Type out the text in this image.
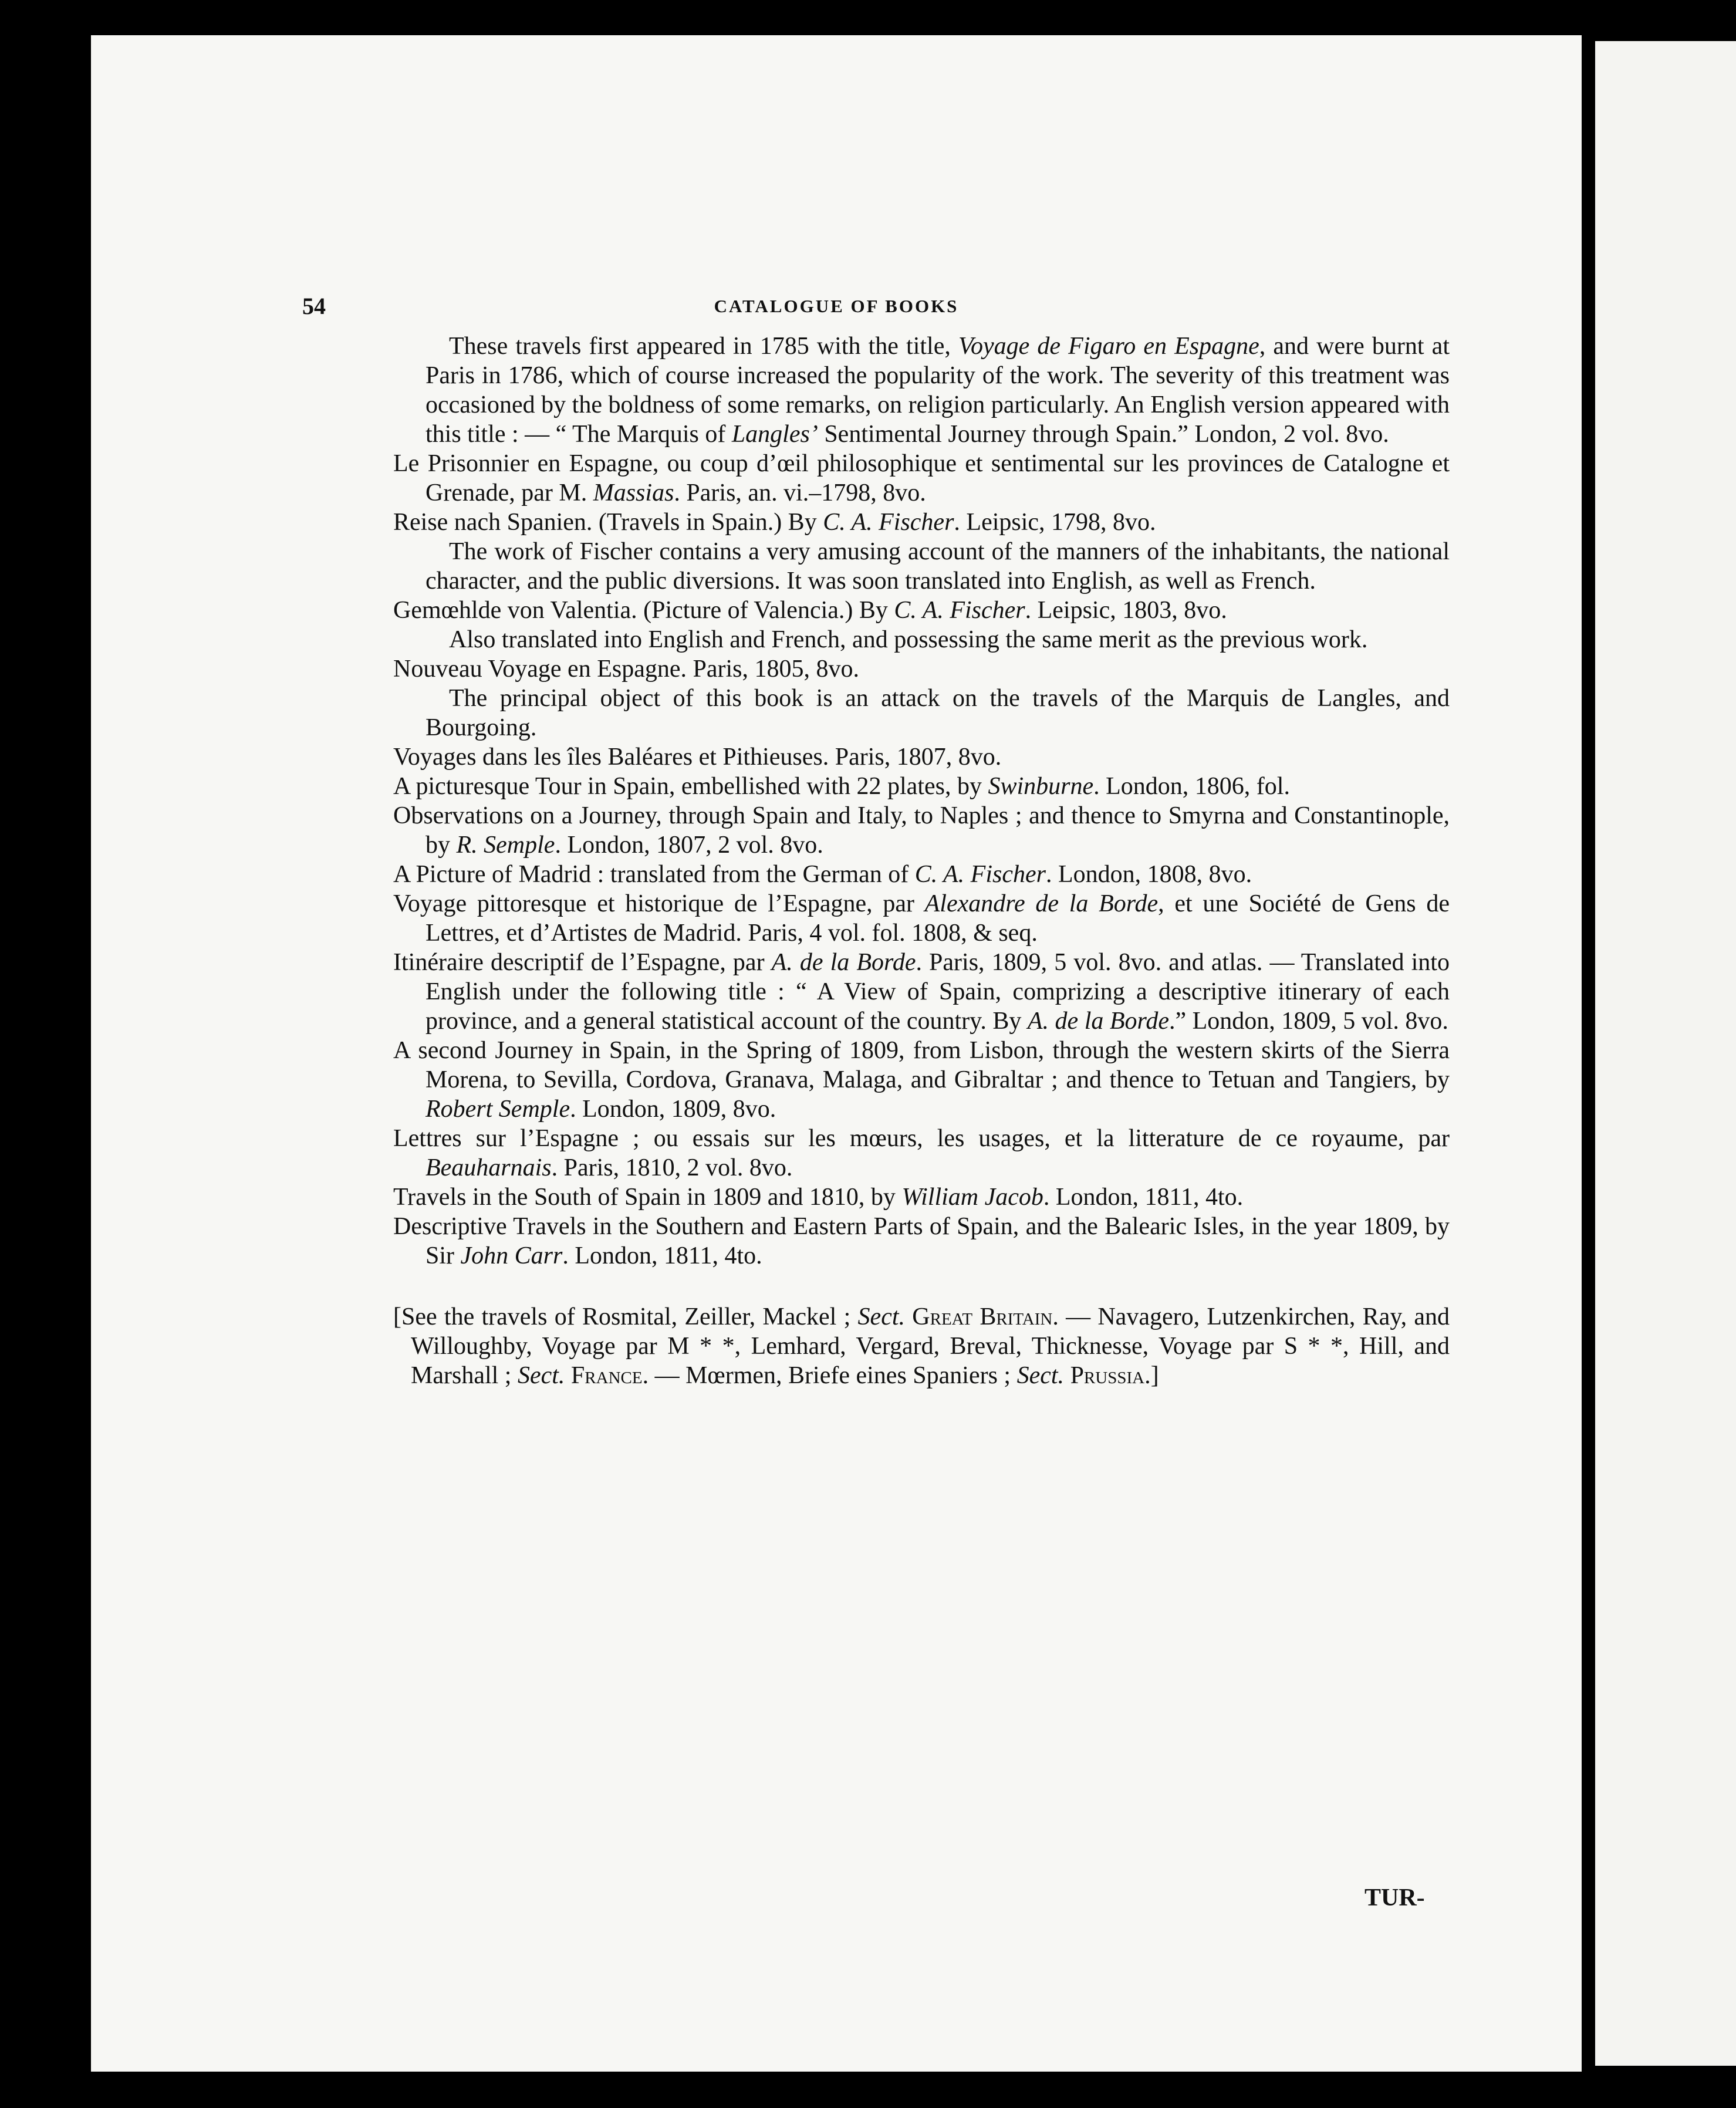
54	CATALOGUE OF BOOKS
These travels first appeared in 1785 with the title, Voyage de Figaro en Espagne, and were burnt at Paris in 1786, which of course increased the popularity of the work. The severity of this treatment was occasioned by the boldness of some remarks, on religion particularly. An English version appeared with this title : — “ The Marquis of Langles’ Sentimental Journey through Spain.” London, 2 vol. 8vo.
Le Prisonnier en Espagne, ou coup d’œil philosophique et sentimental sur les provinces de Catalogne et Grenade, par M. Massias. Paris, an. vi.–1798, 8vo.
Reise nach Spanien. (Travels in Spain.) By C. A. Fischer. Leipsic, 1798, 8vo.
The work of Fischer contains a very amusing account of the manners of the inhabitants, the national character, and the public diversions. It was soon translated into English, as well as French.
Gemœhlde von Valentia. (Picture of Valencia.) By C. A. Fischer. Leipsic, 1803, 8vo.
Also translated into English and French, and possessing the same merit as the previous work.
Nouveau Voyage en Espagne. Paris, 1805, 8vo.
The principal object of this book is an attack on the travels of the Marquis de Langles, and Bourgoing.
Voyages dans les îles Baléares et Pithieuses. Paris, 1807, 8vo.
A picturesque Tour in Spain, embellished with 22 plates, by Swinburne. London, 1806, fol.
Observations on a Journey, through Spain and Italy, to Naples ; and thence to Smyrna and Constantinople, by R. Semple. London, 1807, 2 vol. 8vo.
A Picture of Madrid : translated from the German of C. A. Fischer. London, 1808, 8vo.
Voyage pittoresque et historique de l’Espagne, par Alexandre de la Borde, et une Société de Gens de Lettres, et d’Artistes de Madrid. Paris, 4 vol. fol. 1808, & seq.
Itinéraire descriptif de l’Espagne, par A. de la Borde. Paris, 1809, 5 vol. 8vo. and atlas. — Translated into English under the following title : “ A View of Spain, comprizing a descriptive itinerary of each province, and a general statistical account of the country. By A. de la Borde.” London, 1809, 5 vol. 8vo.
A second Journey in Spain, in the Spring of 1809, from Lisbon, through the western skirts of the Sierra Morena, to Sevilla, Cordova, Granava, Malaga, and Gibraltar ; and thence to Tetuan and Tangiers, by Robert Semple. London, 1809, 8vo.
Lettres sur l’Espagne ; ou essais sur les mœurs, les usages, et la litterature de ce royaume, par Beauharnais. Paris, 1810, 2 vol. 8vo.
Travels in the South of Spain in 1809 and 1810, by William Jacob. London, 1811, 4to.
Descriptive Travels in the Southern and Eastern Parts of Spain, and the Balearic Isles, in the year 1809, by Sir John Carr. London, 1811, 4to.
[See the travels of Rosmital, Zeiller, Mackel ; Sect. Great Britain. — Navagero, Lutzenkirchen, Ray, and Willoughby, Voyage par M * *, Lemhard, Vergard, Breval, Thicknesse, Voyage par S * *, Hill, and Marshall ; Sect. France. — Mœrmen, Briefe eines Spaniers ; Sect. Prussia.]
TUR-
